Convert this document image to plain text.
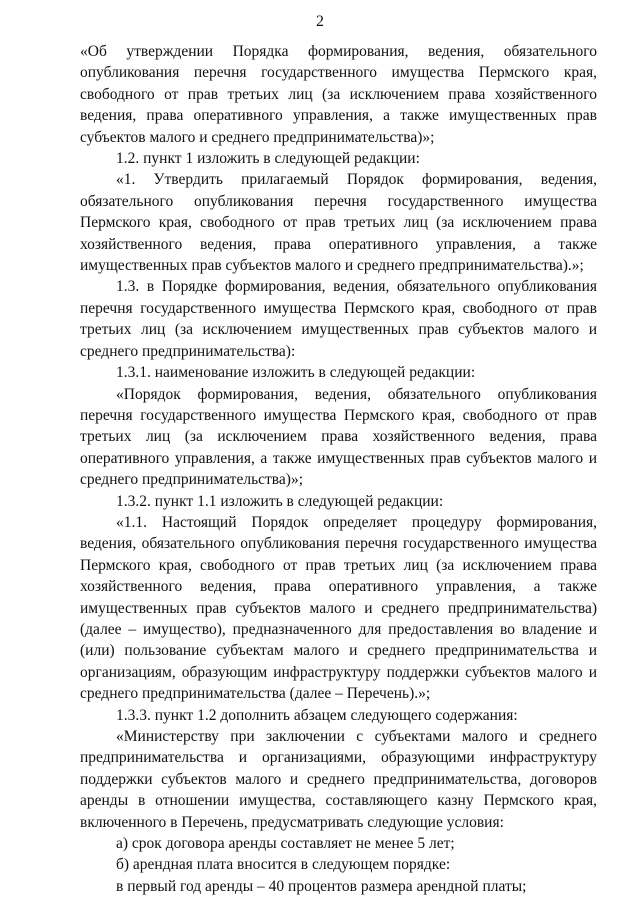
2

«Об утверждении Порядка формирования, ведения, обязательного опубликования перечня государственного имущества Пермского края, свободного от прав третьих лиц (за исключением права хозяйственного ведения, права оперативного управления, а также имущественных прав субъектов малого и среднего предпринимательства)»;

1.2. пункт 1 изложить в следующей редакции:

«1. Утвердить прилагаемый Порядок формирования, ведения, обязательного опубликования перечня государственного имущества Пермского края, свободного от прав третьих лиц (за исключением права хозяйственного ведения, права оперативного управления, а также имущественных прав субъектов малого и среднего предпринимательства).»;

1.3. в Порядке формирования, ведения, обязательного опубликования перечня государственного имущества Пермского края, свободного от прав третьих лиц (за исключением имущественных прав субъектов малого и среднего предпринимательства):

1.3.1. наименование изложить в следующей редакции:

«Порядок формирования, ведения, обязательного опубликования перечня государственного имущества Пермского края, свободного от прав третьих лиц (за исключением права хозяйственного ведения, права оперативного управления, а также имущественных прав субъектов малого и среднего предпринимательства)»;

1.3.2. пункт 1.1 изложить в следующей редакции:

«1.1. Настоящий Порядок определяет процедуру формирования, ведения, обязательного опубликования перечня государственного имущества Пермского края, свободного от прав третьих лиц (за исключением права хозяйственного ведения, права оперативного управления, а также имущественных прав субъектов малого и среднего предпринимательства) (далее – имущество), предназначенного для предоставления во владение и (или) пользование субъектам малого и среднего предпринимательства и организациям, образующим инфраструктуру поддержки субъектов малого и среднего предпринимательства (далее – Перечень).»;

1.3.3. пункт 1.2 дополнить абзацем следующего содержания:

«Министерству при заключении с субъектами малого и среднего предпринимательства и организациями, образующими инфраструктуру поддержки субъектов малого и среднего предпринимательства, договоров аренды в отношении имущества, составляющего казну Пермского края, включенного в Перечень, предусматривать следующие условия:

а) срок договора аренды составляет не менее 5 лет;

б) арендная плата вносится в следующем порядке:

в первый год аренды – 40 процентов размера арендной платы;
